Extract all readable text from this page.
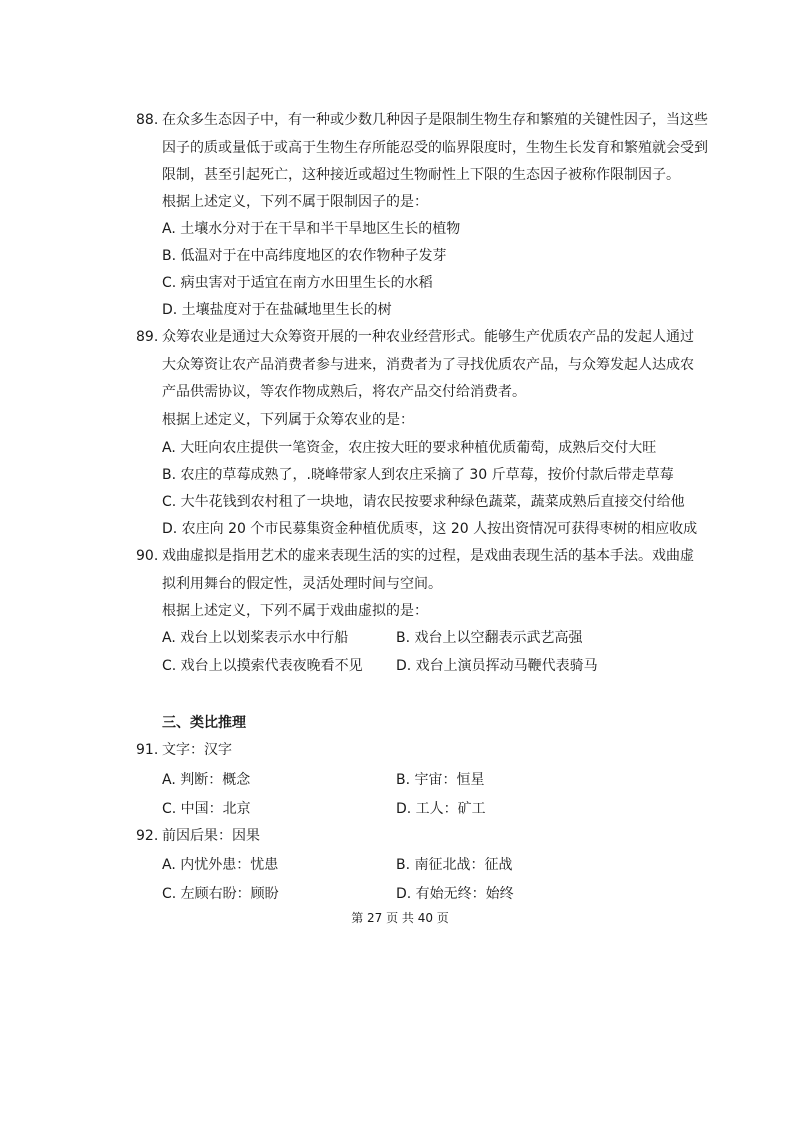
88. 在众多生态因子中，有一种或少数几种因子是限制生物生存和繁殖的关键性因子，当这些
因子的质或量低于或高于生物生存所能忍受的临界限度时，生物生长发育和繁殖就会受到
限制，甚至引起死亡，这种接近或超过生物耐性上下限的生态因子被称作限制因子。
根据上述定义，下列不属于限制因子的是：
A. 土壤水分对于在干旱和半干旱地区生长的植物
B. 低温对于在中高纬度地区的农作物种子发芽
C. 病虫害对于适宜在南方水田里生长的水稻
D. 土壤盐度对于在盐碱地里生长的树
89. 众筹农业是通过大众筹资开展的一种农业经营形式。能够生产优质农产品的发起人通过
大众筹资让农产品消费者参与进来，消费者为了寻找优质农产品，与众筹发起人达成农
产品供需协议，等农作物成熟后，将农产品交付给消费者。
根据上述定义，下列属于众筹农业的是：
A. 大旺向农庄提供一笔资金，农庄按大旺的要求种植优质葡萄，成熟后交付大旺
B. 农庄的草莓成熟了，.晓峰带家人到农庄采摘了 30 斤草莓，按价付款后带走草莓
C. 大牛花钱到农村租了一块地，请农民按要求种绿色蔬菜，蔬菜成熟后直接交付给他
D. 农庄向 20 个市民募集资金种植优质枣，这 20 人按出资情况可获得枣树的相应收成
90. 戏曲虚拟是指用艺术的虚来表现生活的实的过程，是戏曲表现生活的基本手法。戏曲虚
拟利用舞台的假定性，灵活处理时间与空间。
根据上述定义，下列不属于戏曲虚拟的是：
A. 戏台上以划桨表示水中行船	B. 戏台上以空翻表示武艺高强
C. 戏台上以摸索代表夜晚看不见 D. 戏台上演员挥动马鞭代表骑马
三、类比推理
91. 文字：汉字
A. 判断：概念	B. 宇宙：恒星
C. 中国：北京	D. 工人：矿工
92. 前因后果：因果
A. 内忧外患：忧患	B. 南征北战：征战
C. 左顾右盼：顾盼	D. 有始无终：始终
第 27 页 共 40 页
